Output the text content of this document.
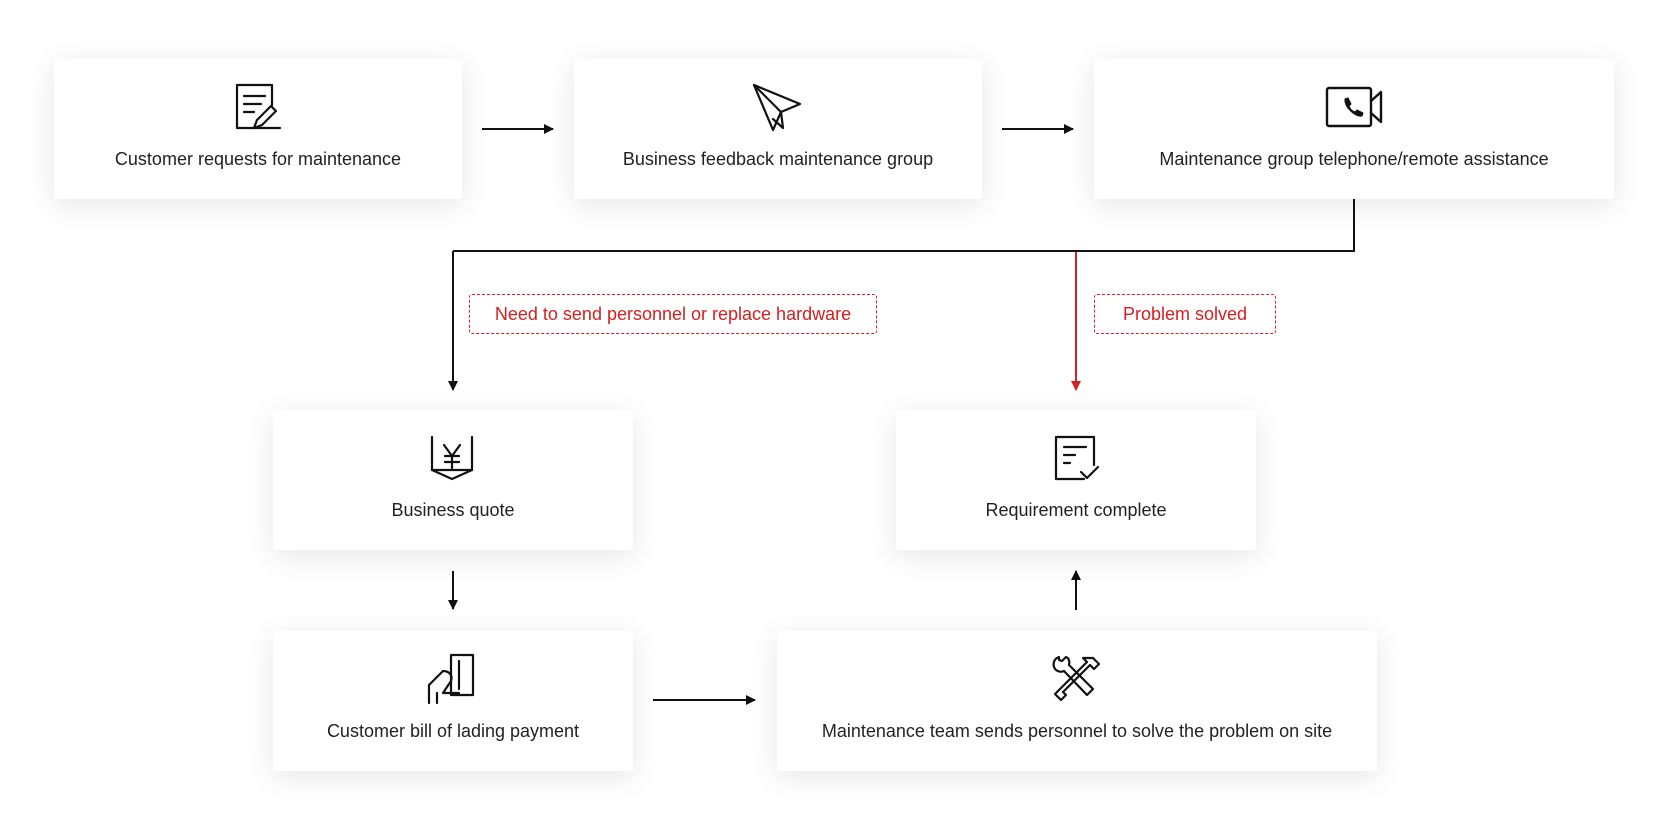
Customer requests for maintenance	Business feedback maintenance group	Maintenance group telephone/remote assistance
Need to send personnel or replace hardware	Problem solved
Business quote	Requirement complete
Customer bill of lading payment	Maintenance team sends personnel to solve the problem on site
